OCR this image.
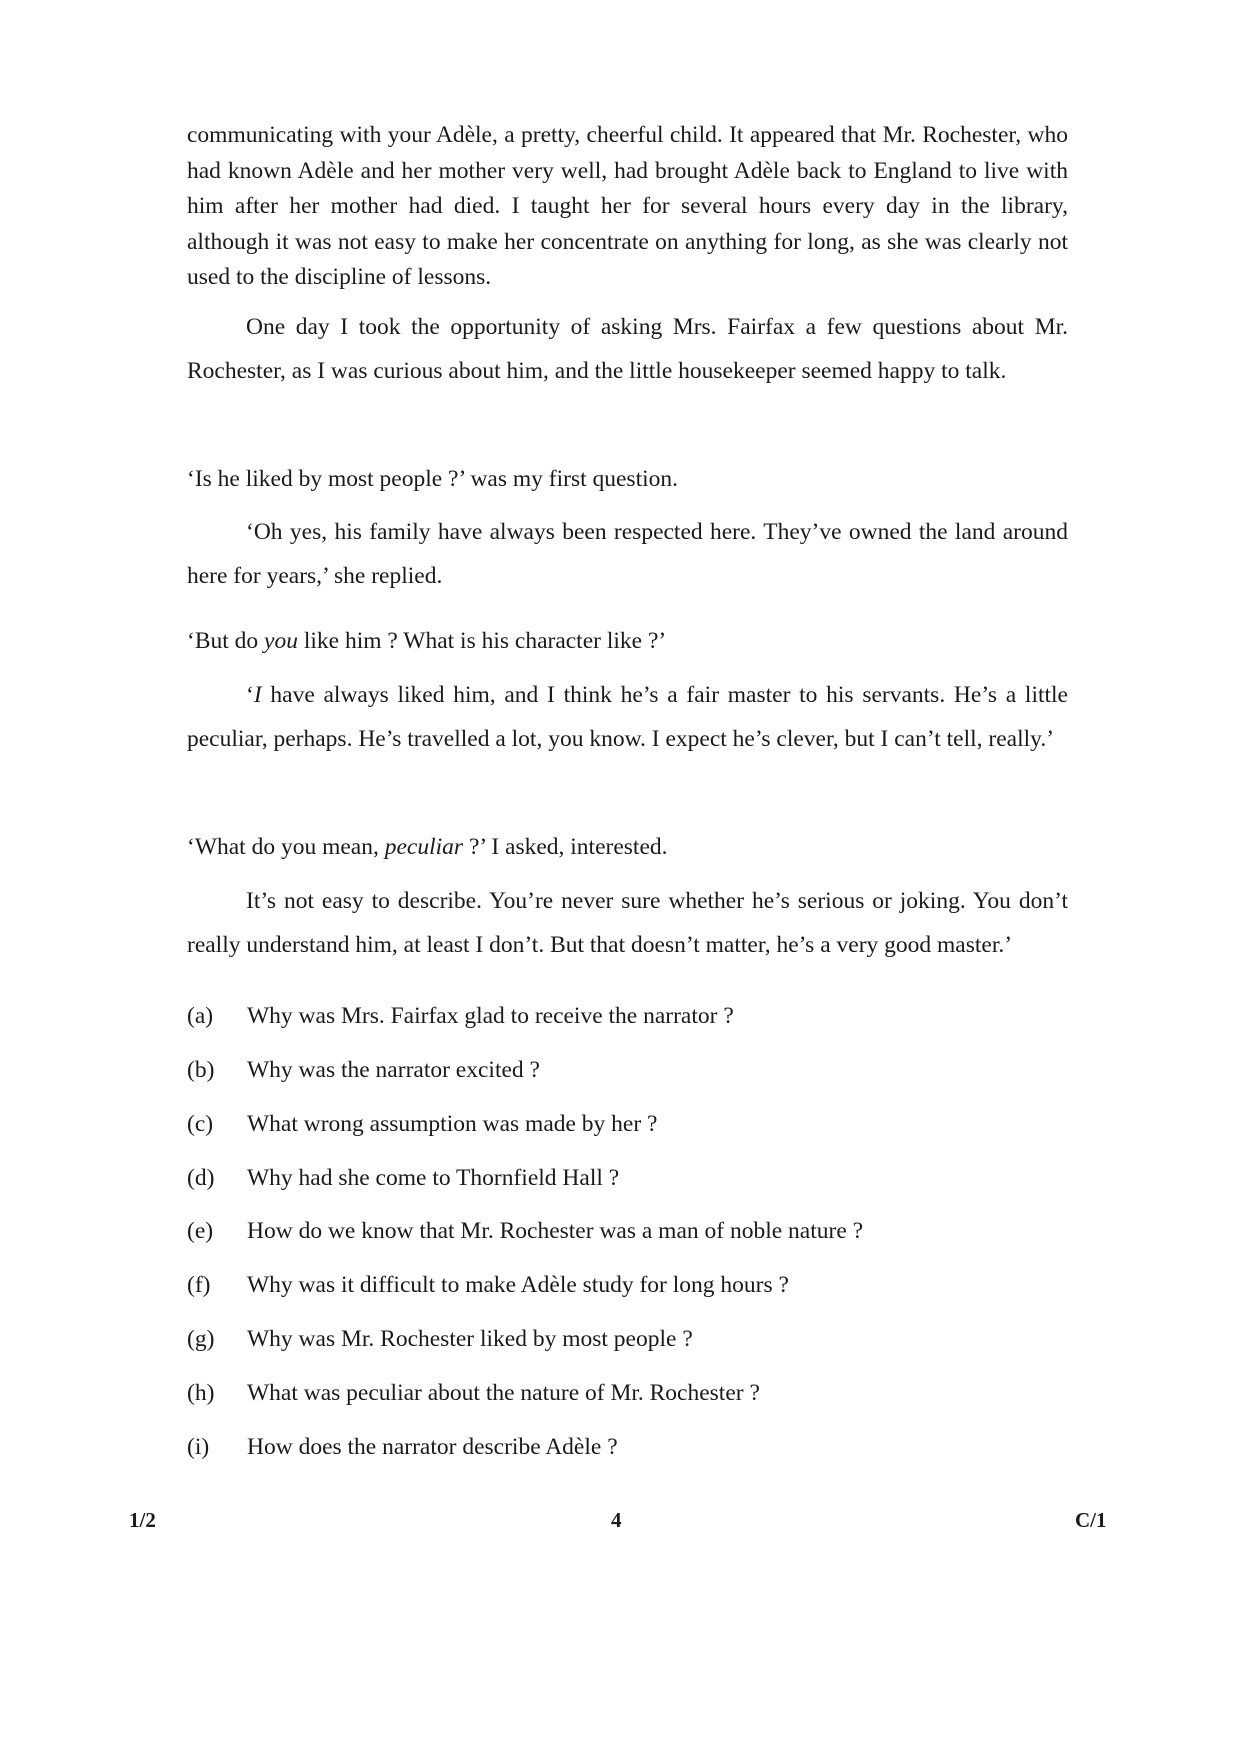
communicating with your Adèle, a pretty, cheerful child. It appeared that Mr. Rochester, who had known Adèle and her mother very well, had brought Adèle back to England to live with him after her mother had died. I taught her for several hours every day in the library, although it was not easy to make her concentrate on anything for long, as she was clearly not used to the discipline of lessons.

One day I took the opportunity of asking Mrs. Fairfax a few questions about Mr. Rochester, as I was curious about him, and the little housekeeper seemed happy to talk.

‘Is he liked by most people ?’ was my first question.

‘Oh yes, his family have always been respected here. They’ve owned the land around here for years,’ she replied.

‘But do you like him ? What is his character like ?’

‘I have always liked him, and I think he’s a fair master to his servants. He’s a little peculiar, perhaps. He’s travelled a lot, you know. I expect he’s clever, but I can’t tell, really.’

‘What do you mean, peculiar ?’ I asked, interested.

It’s not easy to describe. You’re never sure whether he’s serious or joking. You don’t really understand him, at least I don’t. But that doesn’t matter, he’s a very good master.’

(a) Why was Mrs. Fairfax glad to receive the narrator ?
(b) Why was the narrator excited ?
(c) What wrong assumption was made by her ?
(d) Why had she come to Thornfield Hall ?
(e) How do we know that Mr. Rochester was a man of noble nature ?
(f) Why was it difficult to make Adèle study for long hours ?
(g) Why was Mr. Rochester liked by most people ?
(h) What was peculiar about the nature of Mr. Rochester ?
(i) How does the narrator describe Adèle ?
1/2	4	C/1
